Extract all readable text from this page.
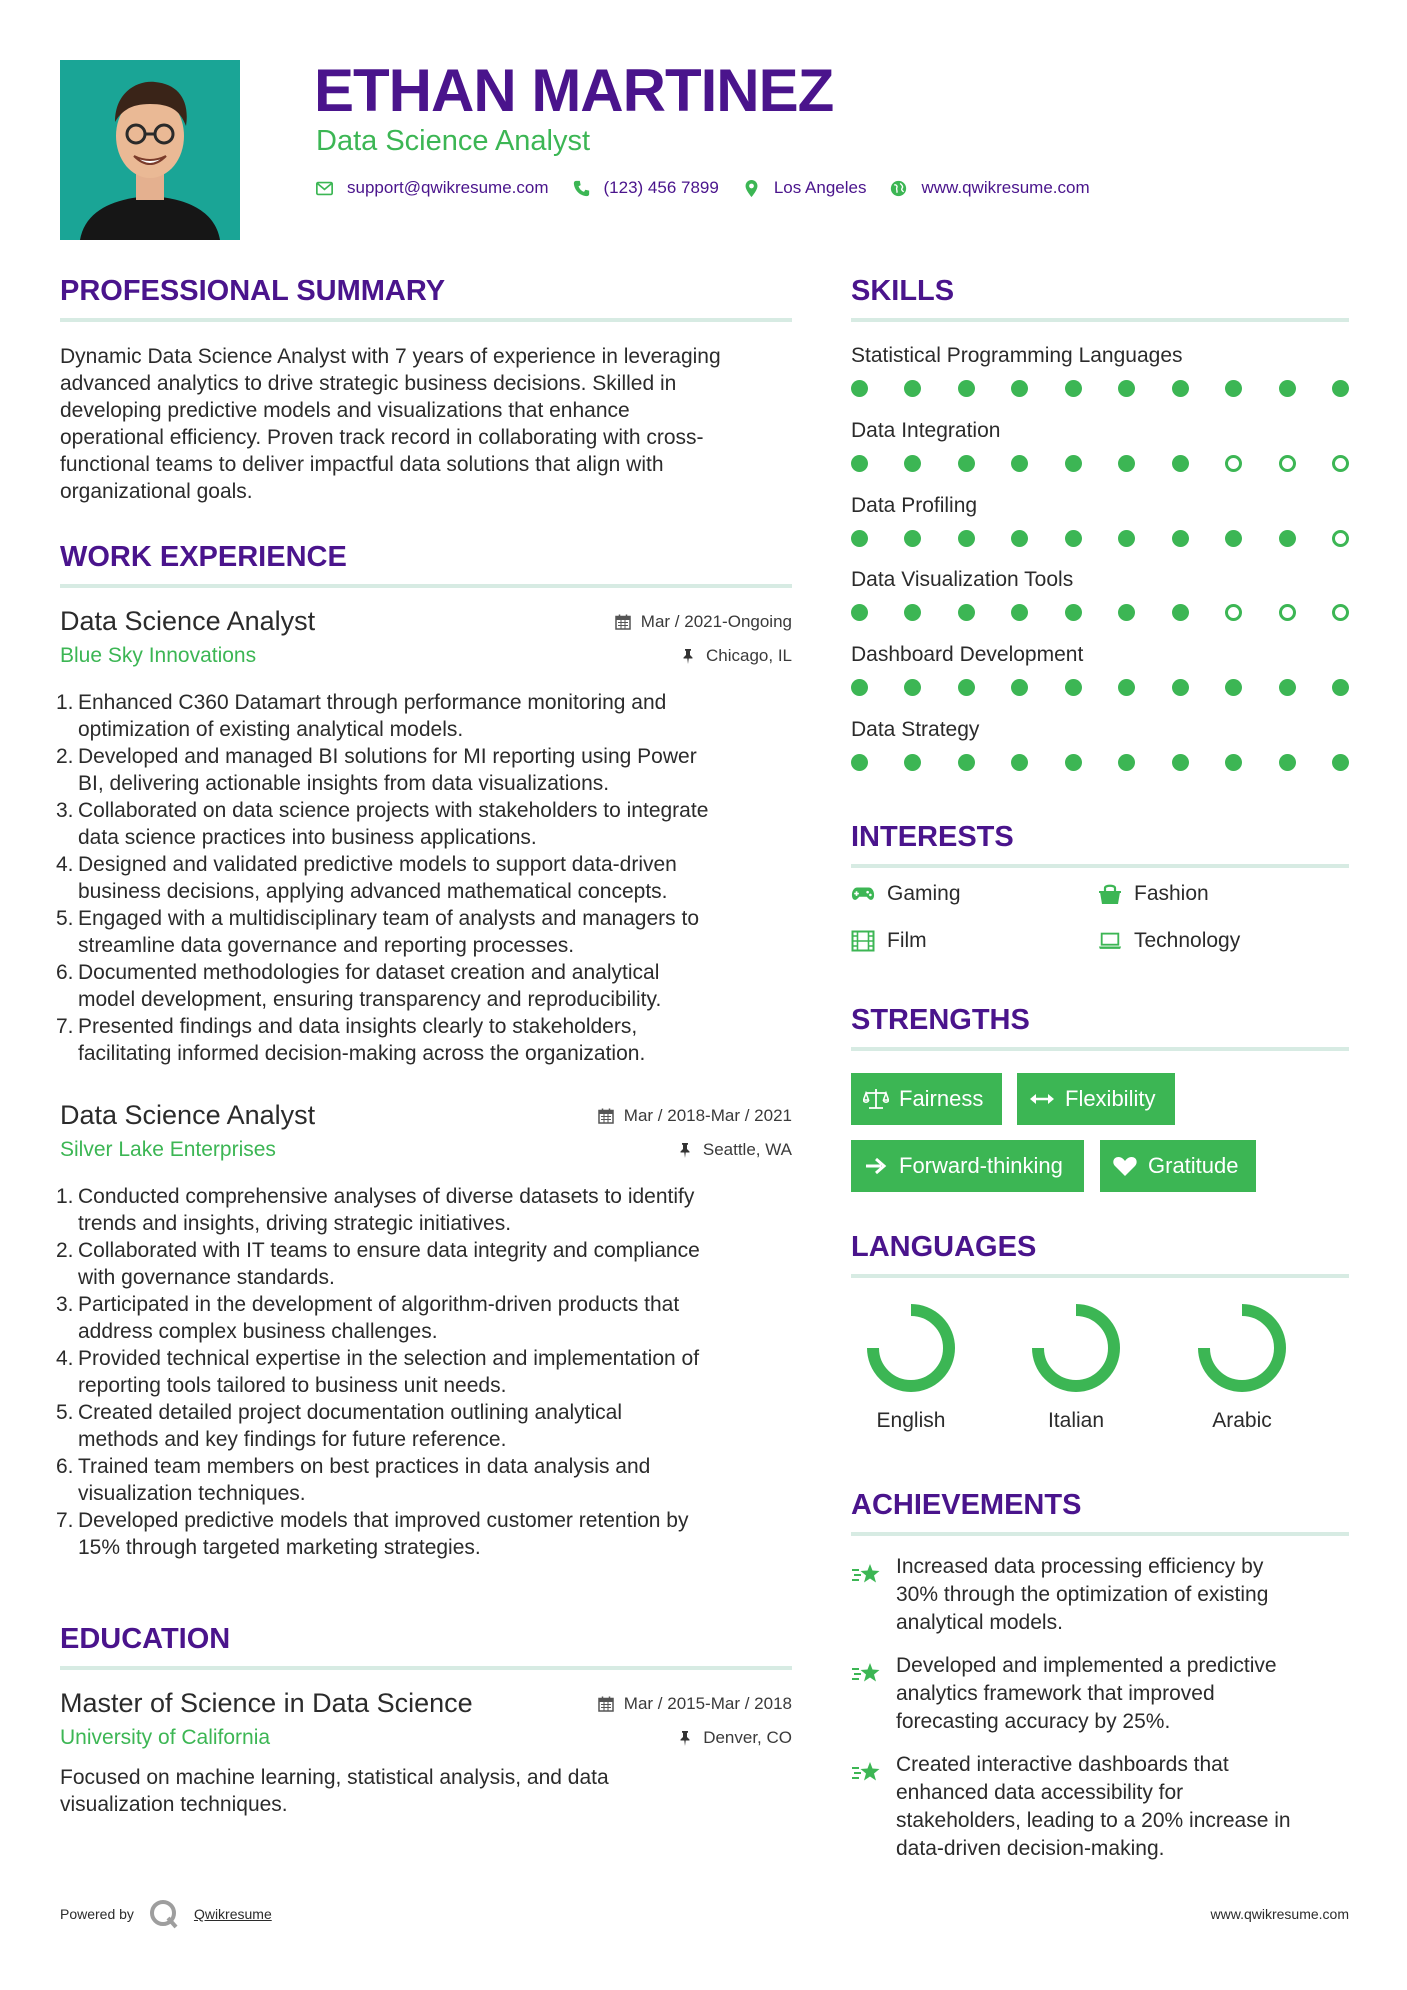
ETHAN MARTINEZ
Data Science Analyst
support@qwikresume.com	(123) 456 7899	Los Angeles	www.qwikresume.com
PROFESSIONAL SUMMARY
Dynamic Data Science Analyst with 7 years of experience in leveraging
advanced analytics to drive strategic business decisions. Skilled in
developing predictive models and visualizations that enhance
operational efficiency. Proven track record in collaborating with cross-
functional teams to deliver impactful data solutions that align with
organizational goals.
WORK EXPERIENCE
Data Science Analyst
Blue Sky Innovations
Mar / 2021-Ongoing
Chicago, IL
1. Enhanced C360 Datamart through performance monitoring and
optimization of existing analytical models.
2. Developed and managed BI solutions for MI reporting using Power
BI, delivering actionable insights from data visualizations.
3. Collaborated on data science projects with stakeholders to integrate
data science practices into business applications.
4. Designed and validated predictive models to support data-driven
business decisions, applying advanced mathematical concepts.
5. Engaged with a multidisciplinary team of analysts and managers to
streamline data governance and reporting processes.
6. Documented methodologies for dataset creation and analytical
model development, ensuring transparency and reproducibility.
7. Presented findings and data insights clearly to stakeholders,
facilitating informed decision-making across the organization.
Data Science Analyst
Silver Lake Enterprises
Mar / 2018-Mar / 2021
Seattle, WA
1. Conducted comprehensive analyses of diverse datasets to identify
trends and insights, driving strategic initiatives.
2. Collaborated with IT teams to ensure data integrity and compliance
with governance standards.
3. Participated in the development of algorithm-driven products that
address complex business challenges.
4. Provided technical expertise in the selection and implementation of
reporting tools tailored to business unit needs.
5. Created detailed project documentation outlining analytical
methods and key findings for future reference.
6. Trained team members on best practices in data analysis and
visualization techniques.
7. Developed predictive models that improved customer retention by
15% through targeted marketing strategies.
EDUCATION
Master of Science in Data Science
University of California
Mar / 2015-Mar / 2018
Denver, CO
Focused on machine learning, statistical analysis, and data
visualization techniques.
SKILLS
Statistical Programming Languages
Data Integration
Data Profiling
Data Visualization Tools
Dashboard Development
Data Strategy
INTERESTS
Gaming	Fashion
Film	Technology
STRENGTHS
Fairness	Flexibility
Forward-thinking	Gratitude
LANGUAGES
English	Italian	Arabic
ACHIEVEMENTS
Increased data processing efficiency by
30% through the optimization of existing
analytical models.
Developed and implemented a predictive
analytics framework that improved
forecasting accuracy by 25%.
Created interactive dashboards that
enhanced data accessibility for
stakeholders, leading to a 20% increase in
data-driven decision-making.
Powered by	Qwikresume	www.qwikresume.com
